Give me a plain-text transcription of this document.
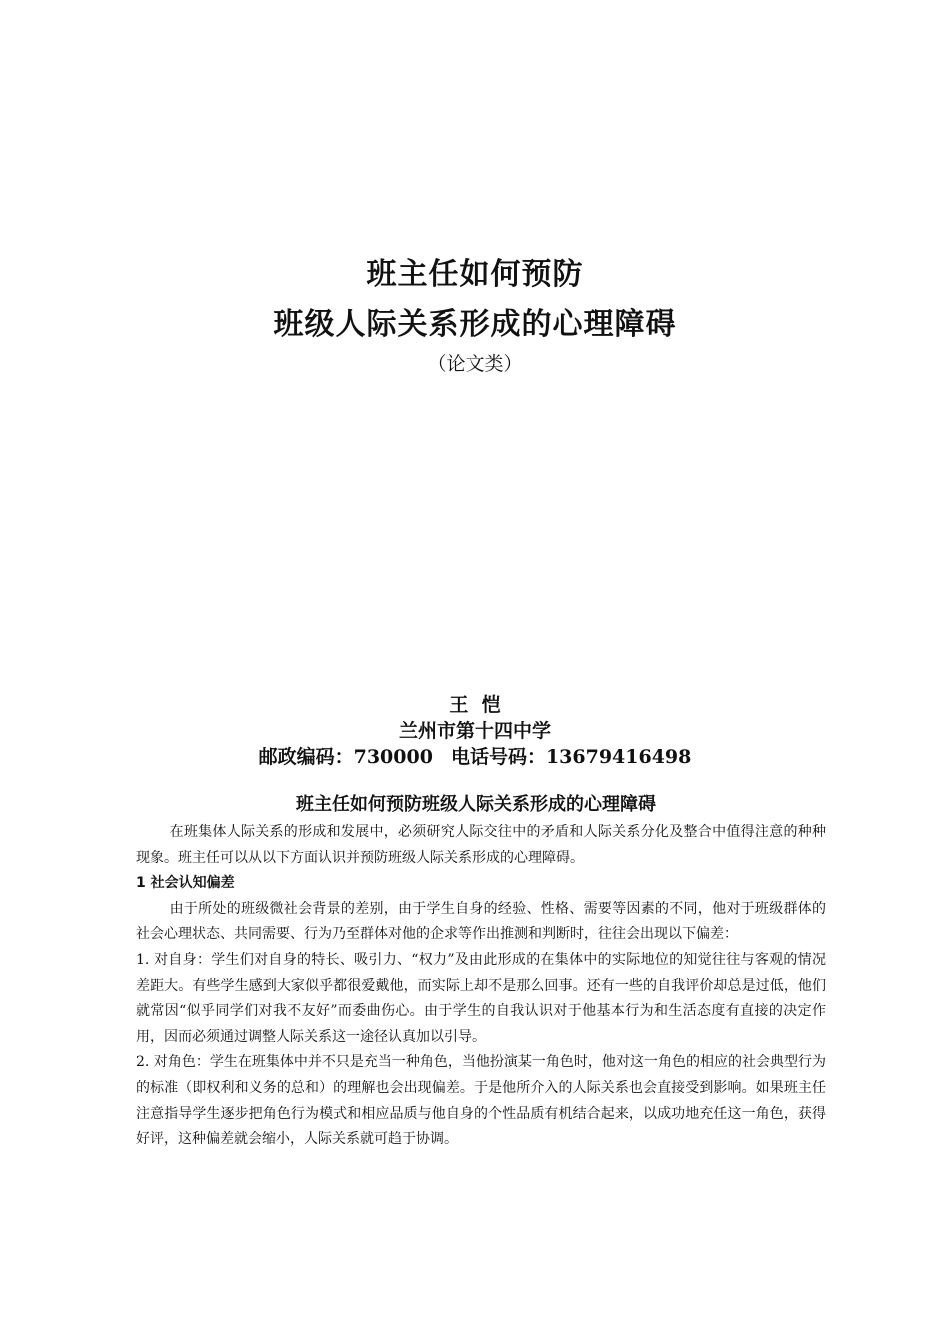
班主任如何预防
班级人际关系形成的心理障碍
（论文类）
王  恺
兰州市第十四中学
邮政编码：730000 电话号码：13679416498
班主任如何预防班级人际关系形成的心理障碍

在班集体人际关系的形成和发展中，必须研究人际交往中的矛盾和人际关系分化及整合中值得注意的种种现象。班主任可以从以下方面认识并预防班级人际关系形成的心理障碍。

1 社会认知偏差

由于所处的班级微社会背景的差别，由于学生自身的经验、性格、需要等因素的不同，他对于班级群体的社会心理状态、共同需要、行为乃至群体对他的企求等作出推测和判断时，往往会出现以下偏差：

1. 对自身：学生们对自身的特长、吸引力、“权力”及由此形成的在集体中的实际地位的知觉往往与客观的情况差距大。有些学生感到大家似乎都很爱戴他，而实际上却不是那么回事。还有一些的自我评价却总是过低，他们就常因“似乎同学们对我不友好”而委曲伤心。由于学生的自我认识对于他基本行为和生活态度有直接的决定作用，因而必须通过调整人际关系这一途径认真加以引导。

2. 对角色：学生在班集体中并不只是充当一种角色，当他扮演某一角色时，他对这一角色的相应的社会典型行为的标准（即权利和义务的总和）的理解也会出现偏差。于是他所介入的人际关系也会直接受到影响。如果班主任注意指导学生逐步把角色行为模式和相应品质与他自身的个性品质有机结合起来，以成功地充任这一角色，获得好评，这种偏差就会缩小，人际关系就可趋于协调。
